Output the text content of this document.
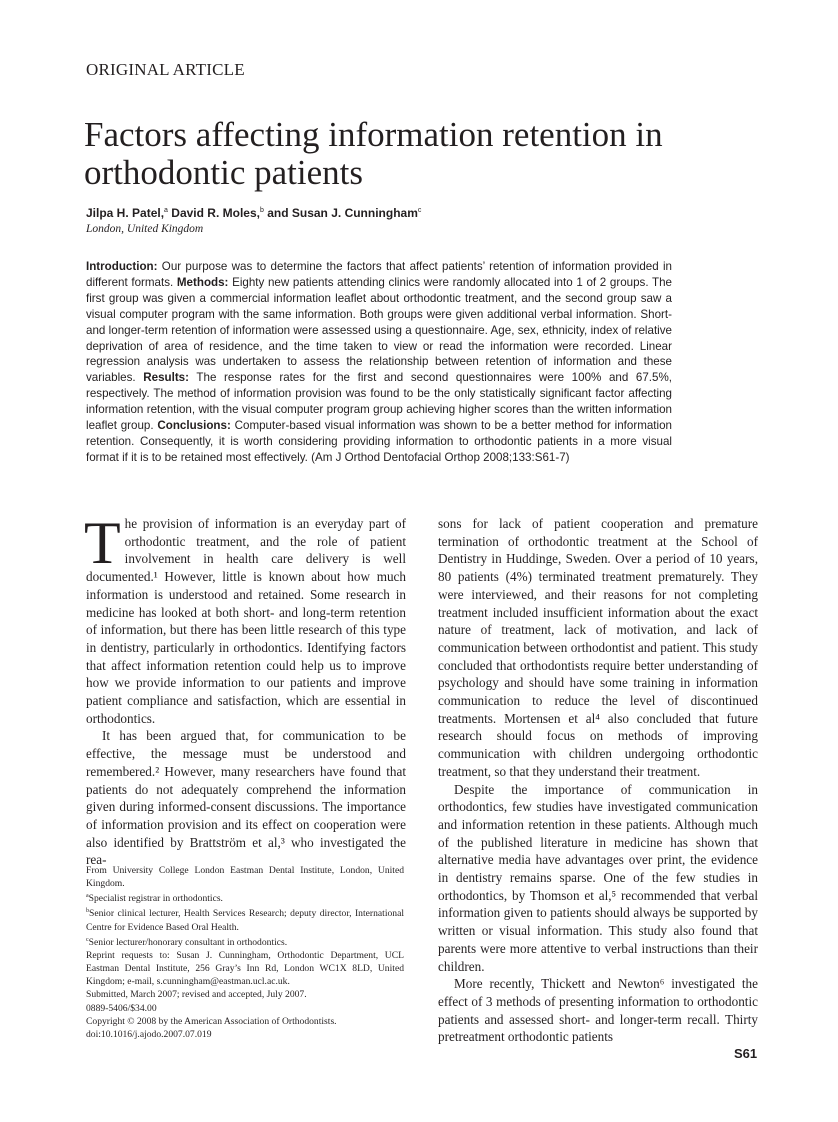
ORIGINAL ARTICLE
Factors affecting information retention in orthodontic patients
Jilpa H. Patel,$^a$ David R. Moles,$^b$ and Susan J. Cunningham$^c$
London, United Kingdom
Introduction: Our purpose was to determine the factors that affect patients’ retention of information provided in different formats. Methods: Eighty new patients attending clinics were randomly allocated into 1 of 2 groups. The first group was given a commercial information leaflet about orthodontic treatment, and the second group saw a visual computer program with the same information. Both groups were given additional verbal information. Short- and longer-term retention of information were assessed using a questionnaire. Age, sex, ethnicity, index of relative deprivation of area of residence, and the time taken to view or read the information were recorded. Linear regression analysis was undertaken to assess the relationship between retention of information and these variables. Results: The response rates for the first and second questionnaires were 100% and 67.5%, respectively. The method of information provision was found to be the only statistically significant factor affecting information retention, with the visual computer program group achieving higher scores than the written information leaflet group. Conclusions: Computer-based visual information was shown to be a better method for information retention. Consequently, it is worth considering providing information to orthodontic patients in a more visual format if it is to be retained most effectively. (Am J Orthod Dentofacial Orthop 2008;133:S61-7)

The provision of information is an everyday part of orthodontic treatment, and the role of patient involvement in health care delivery is well documented.¹ However, little is known about how much information is understood and retained. Some research in medicine has looked at both short- and long-term retention of information, but there has been little research of this type in dentistry, particularly in orthodontics. Identifying factors that affect information retention could help us to improve how we provide information to our patients and improve patient compliance and satisfaction, which are essential in orthodontics.

It has been argued that, for communication to be effective, the message must be understood and remembered.² However, many researchers have found that patients do not adequately comprehend the information given during informed-consent discussions. The importance of information provision and its effect on cooperation were also identified by Brattström et al,³ who investigated the rea-

sons for lack of patient cooperation and premature termination of orthodontic treatment at the School of Dentistry in Huddinge, Sweden. Over a period of 10 years, 80 patients (4%) terminated treatment prematurely. They were interviewed, and their reasons for not completing treatment included insufficient information about the exact nature of treatment, lack of motivation, and lack of communication between orthodontist and patient. This study concluded that orthodontists require better understanding of psychology and should have some training in information communication to reduce the level of discontinued treatments. Mortensen et al⁴ also concluded that future research should focus on methods of improving communication with children undergoing orthodontic treatment, so that they understand their treatment.

Despite the importance of communication in orthodontics, few studies have investigated communication and information retention in these patients. Although much of the published literature in medicine has shown that alternative media have advantages over print, the evidence in dentistry remains sparse. One of the few studies in orthodontics, by Thomson et al,⁵ recommended that verbal information given to patients should always be supported by written or visual information. This study also found that parents were more attentive to verbal instructions than their children.

More recently, Thickett and Newton⁶ investigated the effect of 3 methods of presenting information to orthodontic patients and assessed short- and longer-term recall. Thirty pretreatment orthodontic patients

From University College London Eastman Dental Institute, London, United Kingdom.
$^a$Specialist registrar in orthodontics.
$^b$Senior clinical lecturer, Health Services Research; deputy director, International Centre for Evidence Based Oral Health.
$^c$Senior lecturer/honorary consultant in orthodontics.
Reprint requests to: Susan J. Cunningham, Orthodontic Department, UCL Eastman Dental Institute, 256 Gray’s Inn Rd, London WC1X 8LD, United Kingdom; e-mail, s.cunningham@eastman.ucl.ac.uk.
Submitted, March 2007; revised and accepted, July 2007.
0889-5406/$34.00
Copyright © 2008 by the American Association of Orthodontists.
doi:10.1016/j.ajodo.2007.07.019
S61
